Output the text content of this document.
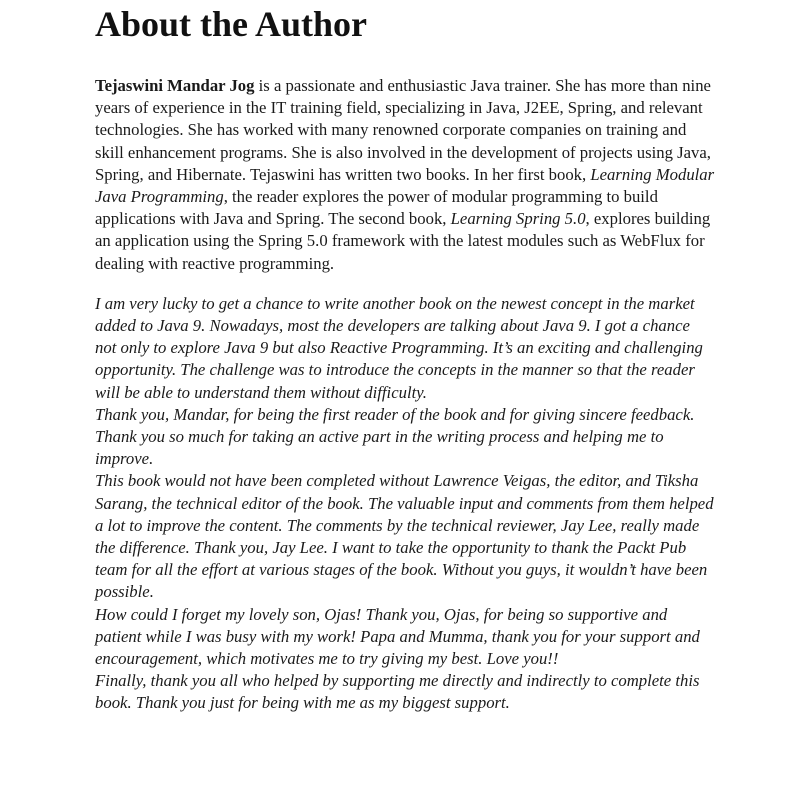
About the Author

Tejaswini Mandar Jog is a passionate and enthusiastic Java trainer. She has more than nine years of experience in the IT training field, specializing in Java, J2EE, Spring, and relevant technologies. She has worked with many renowned corporate companies on training and skill enhancement programs. She is also involved in the development of projects using Java, Spring, and Hibernate. Tejaswini has written two books. In her first book, Learning Modular Java Programming, the reader explores the power of modular programming to build applications with Java and Spring. The second book, Learning Spring 5.0, explores building an application using the Spring 5.0 framework with the latest modules such as WebFlux for dealing with reactive programming.

I am very lucky to get a chance to write another book on the newest concept in the market added to Java 9. Nowadays, most the developers are talking about Java 9. I got a chance not only to explore Java 9 but also Reactive Programming. It’s an exciting and challenging opportunity. The challenge was to introduce the concepts in the manner so that the reader will be able to understand them without difficulty.

Thank you, Mandar, for being the first reader of the book and for giving sincere feedback. Thank you so much for taking an active part in the writing process and helping me to improve.

This book would not have been completed without Lawrence Veigas, the editor, and Tiksha Sarang, the technical editor of the book. The valuable input and comments from them helped a lot to improve the content. The comments by the technical reviewer, Jay Lee, really made the difference. Thank you, Jay Lee. I want to take the opportunity to thank the Packt Pub team for all the effort at various stages of the book. Without you guys, it wouldn’t have been possible.

How could I forget my lovely son, Ojas! Thank you, Ojas, for being so supportive and patient while I was busy with my work! Papa and Mumma, thank you for your support and encouragement, which motivates me to try giving my best. Love you!!

Finally, thank you all who helped by supporting me directly and indirectly to complete this book. Thank you just for being with me as my biggest support.
